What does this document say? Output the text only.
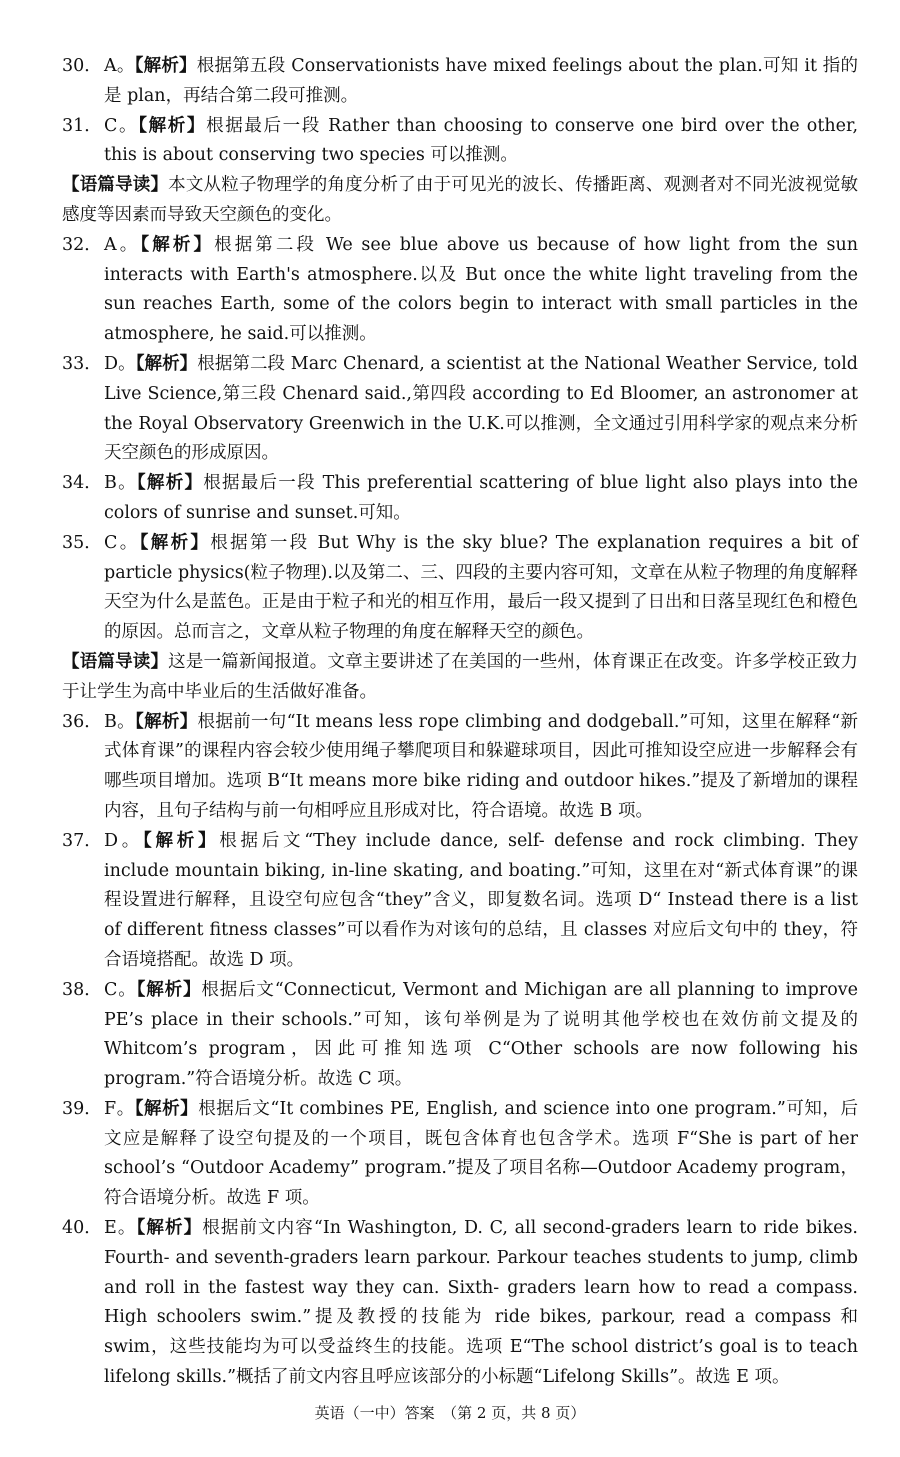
30． A。【解析】根据第五段 Conservationists have mixed feelings about the plan.可知 it 指的是 plan，再结合第二段可推测。
31． C。【解析】根据最后一段 Rather than choosing to conserve one bird over the other, this is about conserving two species 可以推测。
【语篇导读】本文从粒子物理学的角度分析了由于可见光的波长、传播距离、观测者对不同光波视觉敏感度等因素而导致天空颜色的变化。
32． A。【解析】根据第二段 We see blue above us because of how light from the sun interacts with Earth's atmosphere.以及 But once the white light traveling from the sun reaches Earth, some of the colors begin to interact with small particles in the atmosphere, he said.可以推测。
33． D。【解析】根据第二段 Marc Chenard, a scientist at the National Weather Service, told Live Science,第三段 Chenard said.,第四段 according to Ed Bloomer, an astronomer at the Royal Observatory Greenwich in the U.K.可以推测，全文通过引用科学家的观点来分析天空颜色的形成原因。
34． B。【解析】根据最后一段 This preferential scattering of blue light also plays into the colors of sunrise and sunset.可知。
35． C。【解析】根据第一段 But Why is the sky blue? The explanation requires a bit of particle physics(粒子物理).以及第二、三、四段的主要内容可知，文章在从粒子物理的角度解释天空为什么是蓝色。正是由于粒子和光的相互作用，最后一段又提到了日出和日落呈现红色和橙色的原因。总而言之，文章从粒子物理的角度在解释天空的颜色。
【语篇导读】这是一篇新闻报道。文章主要讲述了在美国的一些州，体育课正在改变。许多学校正致力于让学生为高中毕业后的生活做好准备。
36． B。【解析】根据前一句“It means less rope climbing and dodgeball.”可知，这里在解释“新式体育课”的课程内容会较少使用绳子攀爬项目和躲避球项目，因此可推知设空应进一步解释会有哪些项目增加。选项 B“It means more bike riding and outdoor hikes.”提及了新增加的课程内容，且句子结构与前一句相呼应且形成对比，符合语境。故选 B 项。
37． D。【解析】根据后文“They include dance, self- defense and rock climbing. They include mountain biking, in-line skating, and boating.”可知，这里在对“新式体育课”的课程设置进行解释，且设空句应包含“they”含义，即复数名词。选项 D“ Instead there is a list of different fitness classes”可以看作为对该句的总结，且 classes 对应后文句中的 they，符合语境搭配。故选 D 项。
38． C。【解析】根据后文“Connecticut, Vermont and Michigan are all planning to improve PE’s place in their schools.”可知，该句举例是为了说明其他学校也在效仿前文提及的 Whitcom’s program，因此可推知选项 C“Other schools are now following his program.”符合语境分析。故选 C 项。
39． F。【解析】根据后文“It combines PE, English, and science into one program.”可知，后文应是解释了设空句提及的一个项目，既包含体育也包含学术。选项 F“She is part of her school’s “Outdoor Academy” program.”提及了项目名称—Outdoor Academy program，符合语境分析。故选 F 项。
40． E。【解析】根据前文内容“In Washington, D. C, all second-graders learn to ride bikes. Fourth- and seventh-graders learn parkour. Parkour teaches students to jump, climb and roll in the fastest way they can. Sixth- graders learn how to read a compass. High schoolers swim.”提及教授的技能为 ride bikes, parkour, read a compass 和 swim，这些技能均为可以受益终生的技能。选项 E“The school district’s goal is to teach lifelong skills.”概括了前文内容且呼应该部分的小标题“Lifelong Skills”。故选 E 项。
英语（一中）答案　（第 2 页，共 8 页）
